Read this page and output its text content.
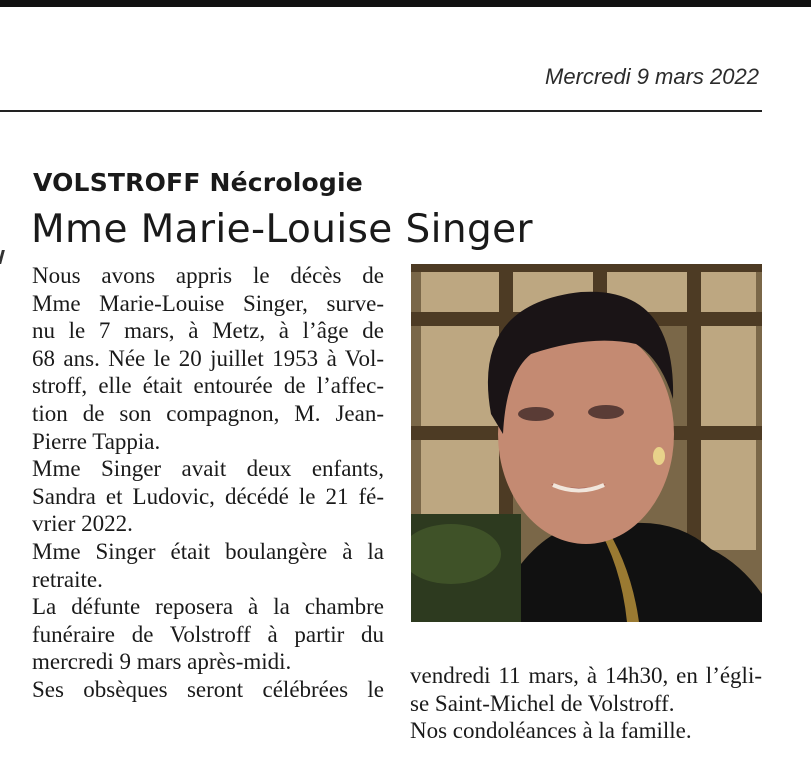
Mercredi 9 mars 2022
VOLSTROFF Nécrologie
Mme Marie-Louise Singer

Nous avons appris le décès de
Mme Marie-Louise Singer, surve-
nu le 7 mars, à Metz, à l’âge de
68 ans. Née le 20 juillet 1953 à Vol-
stroff, elle était entourée de l’affec-
tion de son compagnon, M. Jean-
Pierre Tappia.

Mme Singer avait deux enfants,
Sandra et Ludovic, décédé le 21 fé-
vrier 2022.

Mme Singer était boulangère à la
retraite.

La défunte reposera à la chambre
funéraire de Volstroff à partir du
mercredi 9 mars après-midi.

Ses obsèques seront célébrées le

vendredi 11 mars, à 14h30, en l’égli-
se Saint-Michel de Volstroff.

Nos condoléances à la famille.
